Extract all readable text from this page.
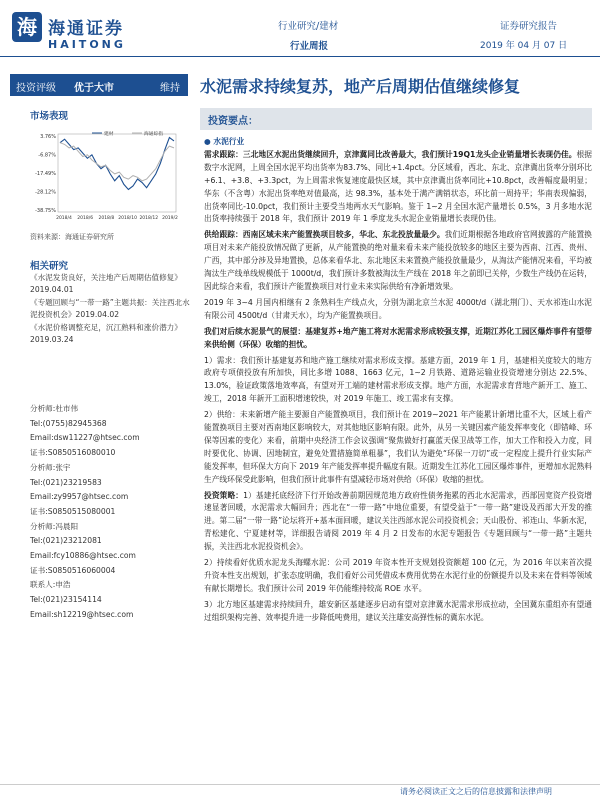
海 海通证券
HAITONG
行业研究/建材	证券研究报告
行业周报	2019 年 04 月 07 日
投资评级 优于大市	维持 水泥需求持续复苏，地产后周期估值继续修复
市场表现
3.76%
-6.87%
-17.49%
-28.12%
-38.75%
2018/4 2018/6 2018/8 2018/10 2018/12 2019/2
建材	海通综指
资料来源：海通证券研究所
相关研究
《水泥发货良好，关注地产后周期估值修复》2019.04.01
《专题回顾与“一带一路”主题共振：关注西北水泥投资机会》2019.04.02
《水泥价格调整充足，沉江熟料和涨价潜力》2019.03.24
分析师:杜市伟
Tel:(0755)82945368
Email:dsw11227@htsec.com
证书:S0850516080010
分析师:张宇
Tel:(021)23219583
Email:zy9957@htsec.com
证书:S0850515080001
分析师:冯晨阳
Tel:(021)23212081
Email:fcy10886@htsec.com
证书:S0850516060004
联系人:申浩
Tel:(021)23154114
Email:sh12219@htsec.com
投资要点：

● 水泥行业

需求跟踪：三北地区水泥出货继续回升，京津冀同比改善最大，我们预计19Q1龙头企业销量增长表现仍佳。根据数字水泥网，上周全国水泥平均出货率为83.7%、同比+1.4pct。分区域看，西北、东北、京津冀出货率分别环比+6.1、+3.8、+3.3pct，为上周需求恢复速度最快区域，其中京津冀出货率同比+10.8pct，改善幅度最明显；华东（不含粤）水泥出货率绝对值最高，达 98.3%，基本处于满产满销状态，环比前一周持平；华南表现偏弱，出货率同比-10.0pct，我们预计主要受当地两水天气影响。鉴于 1~2 月全国水泥产量增长 0.5%，3 月多地水泥出货率持续强于 2018 年，我们预计 2019 年 1 季度龙头水泥企业销量增长表现仍佳。

供给跟踪：西南区域未来产能置换项目较多，华北、东北投放量最少。我们近期根据各地政府官网披露的产能置换项目对未来产能投放情况做了更新，从产能置换的绝对量来看未来产能投放较多的地区主要为西南、江西、贵州、广西，其中部分涉及异地置换，总体来看华北、东北地区未来置换产能投放量最少，从淘汰产能情况来看，平均被淘汰生产线单线规模低于 1000t/d，我们预计多数被淘汰生产线在 2018 年之前即已关停，少数生产线仍在运转，因此综合来看，我们预计产能置换项目对行业未来实际供给有净新增效果。

2019 年 3~4 月国内相继有 2 条熟料生产线点火，分别为湖北京兰水泥 4000t/d（湖北荆门）、天水祁连山水泥有限公司 4500t/d（甘肃天水），均为产能置换项目。

我们对后续水泥景气的展望：基建复苏+地产施工将对水泥需求形成较强支撑，近期江苏化工园区爆炸事件有望带来供给侧（环保）收缩的担忧。

1）需求：我们预计基建复苏和地产施工继续对需求形成支撑。基建方面，2019 年 1 月，基建相关度较大的地方政府专项债投放有所加快，同比多增 1088、1663 亿元，1~2 月铁路、道路运输业投资增速分别达 22.5%、13.0%，验证政策落地效率高，有望对开工端的建材需求形成支撑。地产方面，水泥需求育背地产新开工、施工、竣工，2018 年新开工面积增速较快，对 2019 年施工、竣工需求有支撑。

2）供给：未来新增产能主要源自产能置换项目，我们预计在 2019~2021 年产能累计新增比重不大，区域上看产能置换项目主要对西南地区影响较大，对其他地区影响有限。此外，从另一关键因素产能发挥率变化（即错峰、环保等因素的变化）来看，前期中央经济工作会议强调“聚焦做好打赢蓝天保卫战等工作，加大工作和投入力度，同时要优化、协调、因地制宜，避免处置措施简单粗暴”，我们认为避免“环保一刀切”或一定程度上提升行业实际产能发挥率，但环保大方向下 2019 年产能发挥率提升幅度有限。近期发生江苏化工园区爆炸事件，更增加水泥熟料生产线环保受此影响，但我们预计此事件有望减轻市场对供给（环保）收缩的担忧。

投资策略：1）基建托底经济下行开始改善前期因规范地方政府性债务拖累的西北水泥需求，西部因宽资产投资增速显著回暖，水泥需求大幅回升；西北在“一带一路”中地位重要，有望受益于“一带一路”建设及西部大开发的推进。第二届“一带一路”论坛将开+基本面回暖，建议关注西部水泥公司投资机会；天山股份、祁连山、华新水泥，青松建化、宁夏建材等，详细报告请阅 2019 年 4 月 2 日发布的水泥专题报告《专题回顾与“一带一路”主题共振，关注西北水泥投资机会》。

2）持续看好优质水泥龙头海螺水泥：公司 2019 年资本性开支规划投资额超 100 亿元，为 2016 年以来首次提升资本性支出规划，扩张态度明确，我们看好公司凭借成本费用优势在水泥行业的份额提升以及未来在骨料等领域有献长期增长。我们预计公司 2019 年仍能维持较高 ROE 水平。

3）北方地区基建需求持续回升，雄安新区基建逐步启动有望对京津冀水泥需求形成拉动，全国冀东重组亦有望通过组织架构完善、效率提升进一步降低吨费用，建议关注雄安高弹性标的冀东水泥。

请务必阅读正文之后的信息披露和法律声明
